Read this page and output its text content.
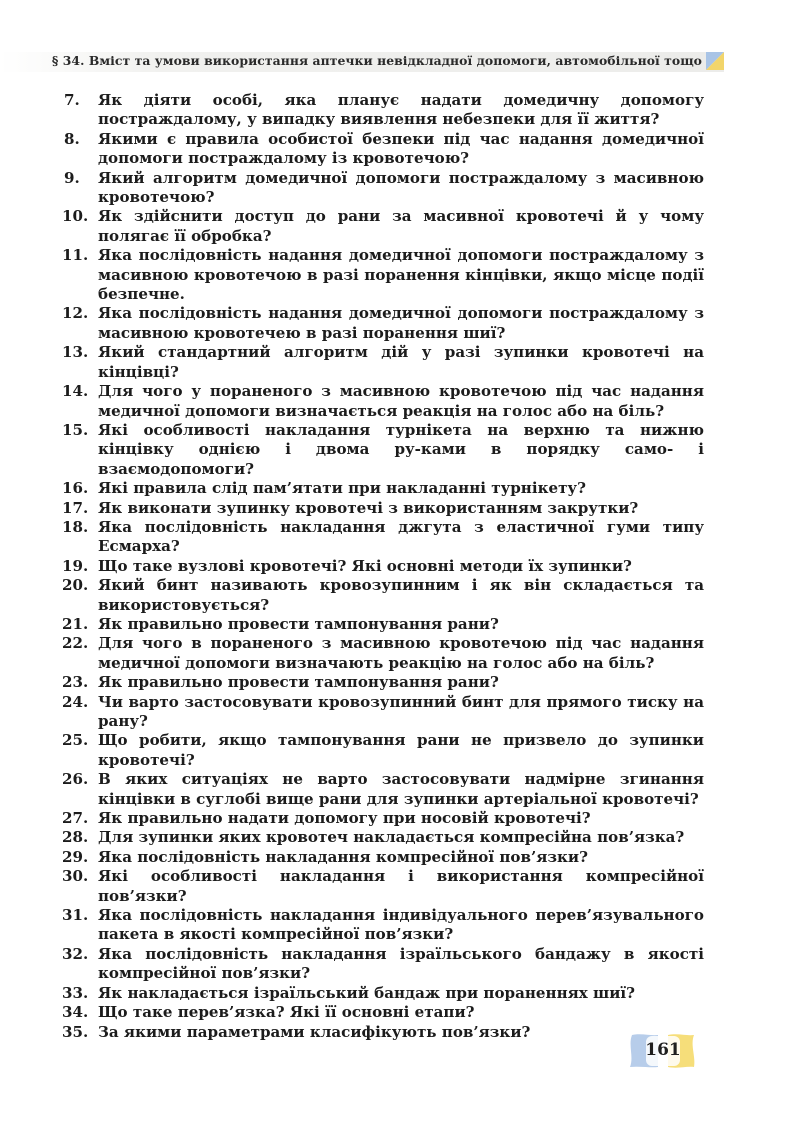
§ 34. Вміст та умови використання аптечки невідкладної допомоги, автомобільної тощо
7. Як діяти особі, яка планує надати домедичну допомогу постраждалому, у випадку виявлення небезпеки для її життя?
8. Якими є правила особистої безпеки під час надання домедичної допомоги постраждалому із кровотечою?
9. Який алгоритм домедичної допомоги постраждалому з масивною кровотечою?
10. Як здійснити доступ до рани за масивної кровотечі й у чому полягає її обробка?
11. Яка послідовність надання домедичної допомоги постраждалому з масивною кровотечою в разі поранення кінцівки, якщо місце події безпечне.
12. Яка послідовність надання домедичної допомоги постраждалому з масивною кровотечею в разі поранення шиї?
13. Який стандартний алгоритм дій у разі зупинки кровотечі на кінцівці?
14. Для чого у пораненого з масивною кровотечою під час надання медичної допомоги визначається реакція на голос або на біль?
15. Які особливості накладання турнікета на верхню та нижню кінцівку однією і двома ру-ками в порядку само- і взаємодопомоги?
16. Які правила слід пам’ятати при накладанні турнікету?
17. Як виконати зупинку кровотечі з використанням закрутки?
18. Яка послідовність накладання джгута з еластичної гуми типу Есмарха?
19. Що таке вузлові кровотечі? Які основні методи їх зупинки?
20. Який бинт називають кровозупинним і як він складається та використовується?
21. Як правильно провести тампонування рани?
22. Для чого в пораненого з масивною кровотечою під час надання медичної допомоги визначають реакцію на голос або на біль?
23. Як правильно провести тампонування рани?
24. Чи варто застосовувати кровозупинний бинт для прямого тиску на рану?
25. Що робити, якщо тампонування рани не призвело до зупинки кровотечі?
26. В яких ситуаціях не варто застосовувати надмірне згинання кінцівки в суглобі вище рани для зупинки артеріальної кровотечі?
27. Як правильно надати допомогу при носовій кровотечі?
28. Для зупинки яких кровотеч накладається компресійна пов’язка?
29. Яка послідовність накладання компресійної пов’язки?
30. Які особливості накладання і використання компресійної пов’язки?
31. Яка послідовність накладання індивідуального перев’язувального пакета в якості компресійної пов’язки?
32. Яка послідовність накладання ізраїльського бандажу в якості компресійної пов’язки?
33. Як накладається ізраїльський бандаж при пораненнях шиї?
34. Що таке перев’язка? Які її основні етапи?
35. За якими параметрами класифікують пов’язки?
161
